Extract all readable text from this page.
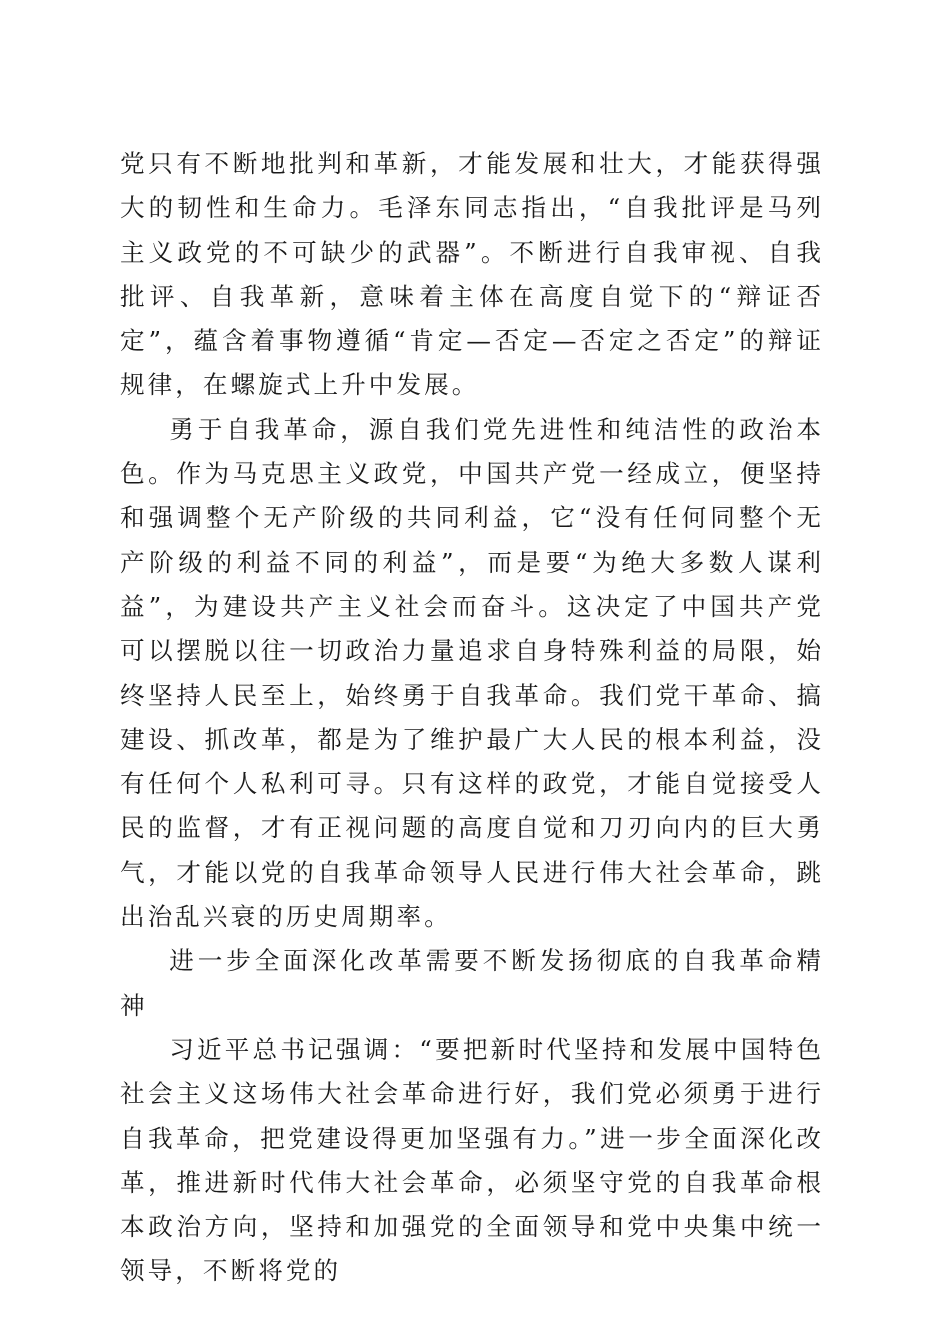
党只有不断地批判和革新，才能发展和壮大，才能获得强大的韧性和生命力。毛泽东同志指出，“自我批评是马列主义政党的不可缺少的武器”。不断进行自我审视、自我批评、自我革新，意味着主体在高度自觉下的“辩证否定”，蕴含着事物遵循“肯定—否定—否定之否定”的辩证规律，在螺旋式上升中发展。

勇于自我革命，源自我们党先进性和纯洁性的政治本色。作为马克思主义政党，中国共产党一经成立，便坚持和强调整个无产阶级的共同利益，它“没有任何同整个无产阶级的利益不同的利益”，而是要“为绝大多数人谋利益”，为建设共产主义社会而奋斗。这决定了中国共产党可以摆脱以往一切政治力量追求自身特殊利益的局限，始终坚持人民至上，始终勇于自我革命。我们党干革命、搞建设、抓改革，都是为了维护最广大人民的根本利益，没有任何个人私利可寻。只有这样的政党，才能自觉接受人民的监督，才有正视问题的高度自觉和刀刃向内的巨大勇气，才能以党的自我革命领导人民进行伟大社会革命，跳出治乱兴衰的历史周期率。

进一步全面深化改革需要不断发扬彻底的自我革命精神

习近平总书记强调：“要把新时代坚持和发展中国特色社会主义这场伟大社会革命进行好，我们党必须勇于进行自我革命，把党建设得更加坚强有力。”进一步全面深化改革，推进新时代伟大社会革命，必须坚守党的自我革命根本政治方向，坚持和加强党的全面领导和党中央集中统一领导，不断将党的
